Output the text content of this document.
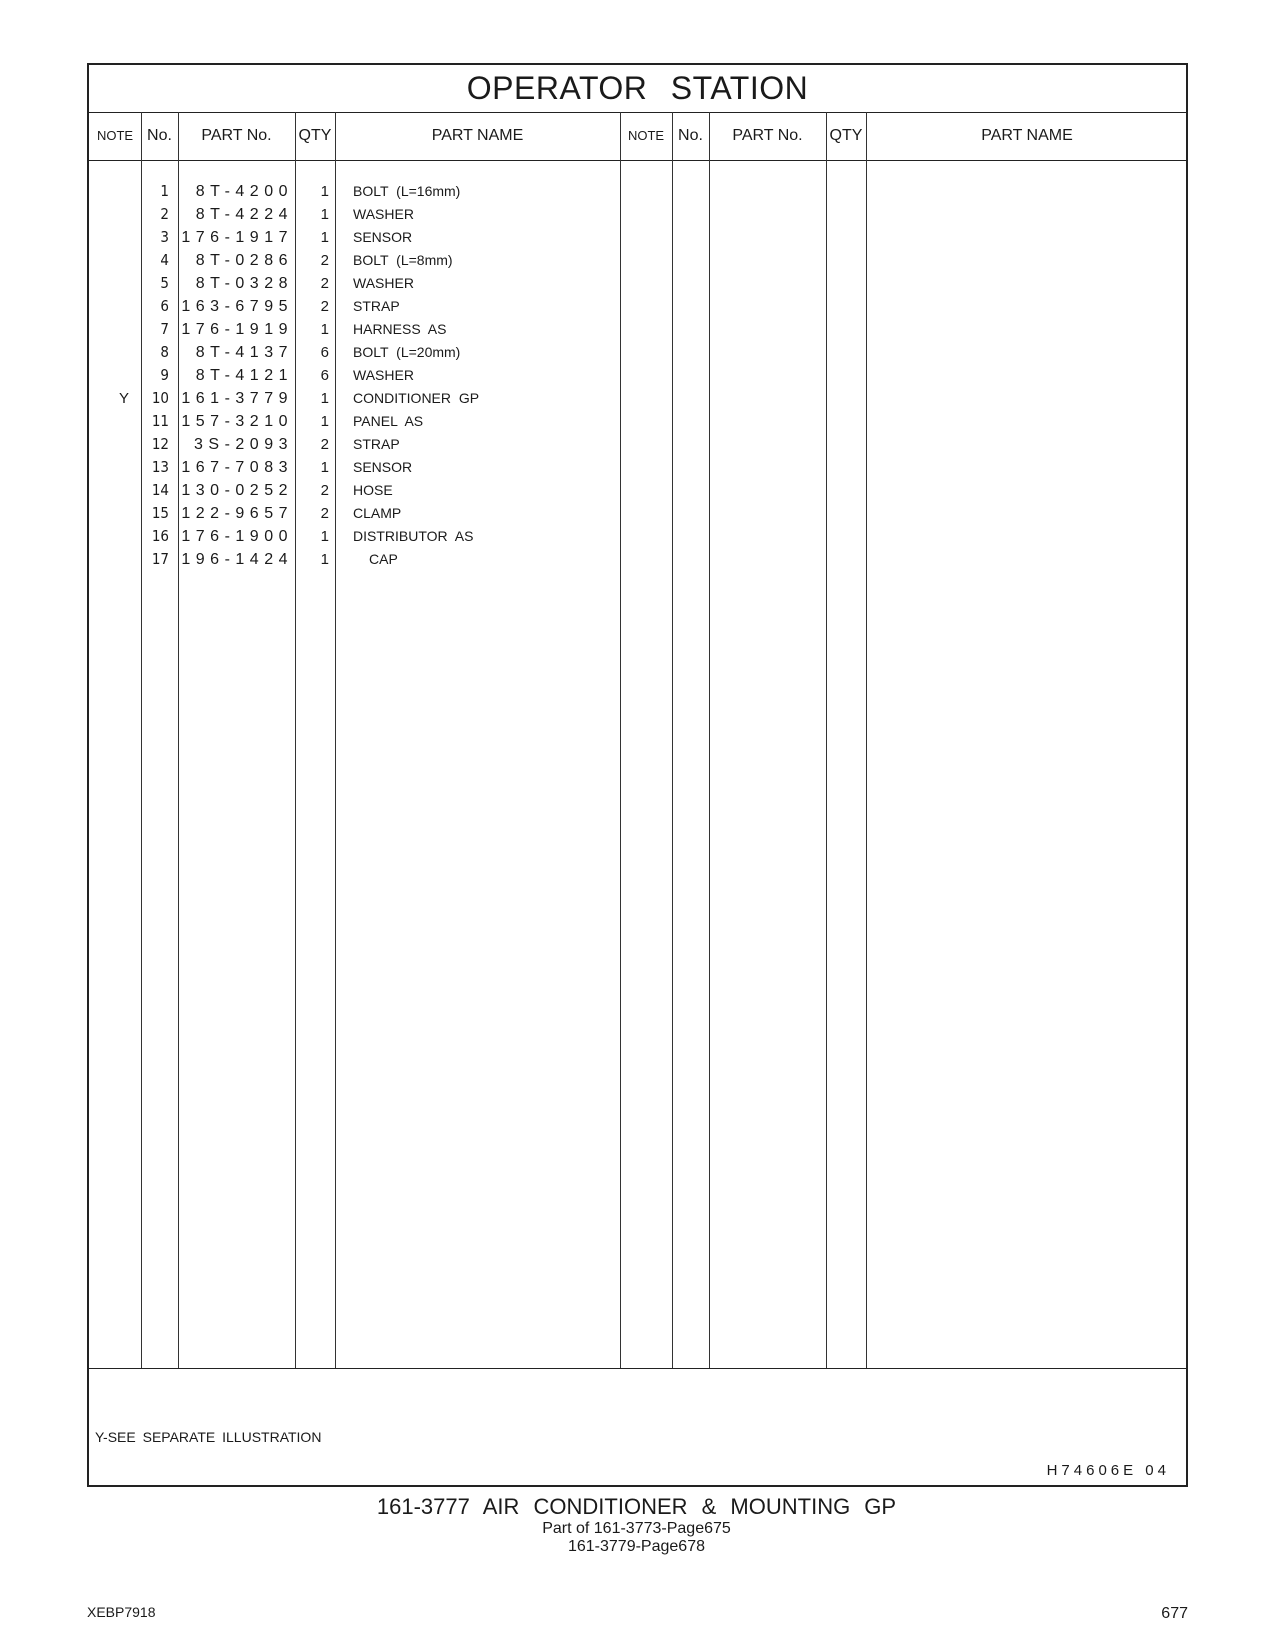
OPERATOR STATION
NOTE No.	PART No.	QTY	PART NAME	NOTE No.	PART No.	QTY	PART NAME
1	8T-4200	1 BOLT (L=16mm)
2	8T-4224	1 WASHER
3 176-1917	1 SENSOR
4	8T-0286	2 BOLT (L=8mm)
5	8T-0328	2 WASHER
6 163-6795	2 STRAP
7 176-1919	1 HARNESS AS
8	8T-4137	6 BOLT (L=20mm)
9	8T-4121	6 WASHER
Y	10 161-3779	1 CONDITIONER GP
11 157-3210	1 PANEL AS
12	3S-2093	2 STRAP
13 167-7083	1 SENSOR
14 130-0252	2 HOSE
15 122-9657	2 CLAMP
16 176-1900	1 DISTRIBUTOR AS
17 196-1424	1	CAP
Y-SEE SEPARATE ILLUSTRATION
H74606E 04
161-3777 AIR CONDITIONER & MOUNTING GP
Part of 161-3773-Page675
161-3779-Page678
XEBP7918	677
